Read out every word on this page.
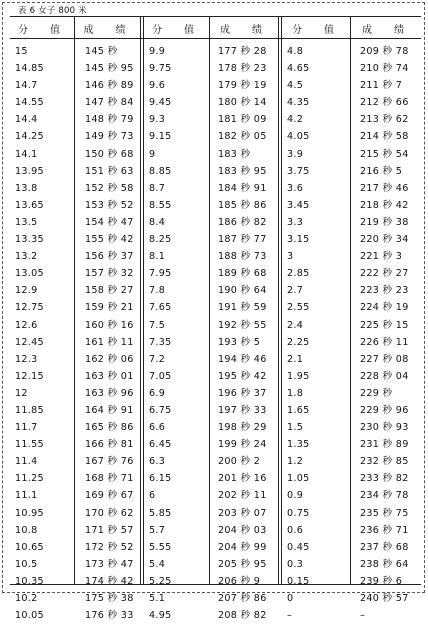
表 6 女子 800 米
分　值
15
14.85
14.7
14.55
14.4
14.25
14.1
13.95
13.8
13.65
13.5
13.35
13.2
13.05
12.9
12.75
12.6
12.45
12.3
12.15
12
11.85
11.7
11.55
11.4
11.25
11.1
10.95
10.8
10.65
10.5
10.35
10.2
10.05
成　绩
145 秒
145 秒 95
146 秒 89
147 秒 84
148 秒 79
149 秒 73
150 秒 68
151 秒 63
152 秒 58
153 秒 52
154 秒 47
155 秒 42
156 秒 37
157 秒 32
158 秒 27
159 秒 21
160 秒 16
161 秒 11
162 秒 06
163 秒 01
163 秒 96
164 秒 91
165 秒 86
166 秒 81
167 秒 76
168 秒 71
169 秒 67
170 秒 62
171 秒 57
172 秒 52
173 秒 47
174 秒 42
175 秒 38
176 秒 33
分　值
9.9
9.75
9.6
9.45
9.3
9.15
9
8.85
8.7
8.55
8.4
8.25
8.1
7.95
7.8
7.65
7.5
7.35
7.2
7.05
6.9
6.75
6.6
6.45
6.3
6.15
6
5.85
5.7
5.55
5.4
5.25
5.1
4.95
成　绩
177 秒 28
178 秒 23
179 秒 19
180 秒 14
181 秒 09
182 秒 05
183 秒
183 秒 95
184 秒 91
185 秒 86
186 秒 82
187 秒 77
188 秒 73
189 秒 68
190 秒 64
191 秒 59
192 秒 55
193 秒 5
194 秒 46
195 秒 42
196 秒 37
197 秒 33
198 秒 29
199 秒 24
200 秒 2
201 秒 16
202 秒 11
203 秒 07
204 秒 03
204 秒 99
205 秒 95
206 秒 9
207 秒 86
208 秒 82
分　值
4.8
4.65
4.5
4.35
4.2
4.05
3.9
3.75
3.6
3.45
3.3
3.15
3
2.85
2.7
2.55
2.4
2.25
2.1
1.95
1.8
1.65
1.5
1.35
1.2
1.05
0.9
0.75
0.6
0.45
0.3
0.15
0
–
成　绩
209 秒 78
210 秒 74
211 秒 7
212 秒 66
213 秒 62
214 秒 58
215 秒 54
216 秒 5
217 秒 46
218 秒 42
219 秒 38
220 秒 34
221 秒 3
222 秒 27
223 秒 23
224 秒 19
225 秒 15
226 秒 11
227 秒 08
228 秒 04
229 秒
229 秒 96
230 秒 93
231 秒 89
232 秒 85
233 秒 82
234 秒 78
235 秒 75
236 秒 71
237 秒 68
238 秒 64
239 秒 6
240 秒 57
–
